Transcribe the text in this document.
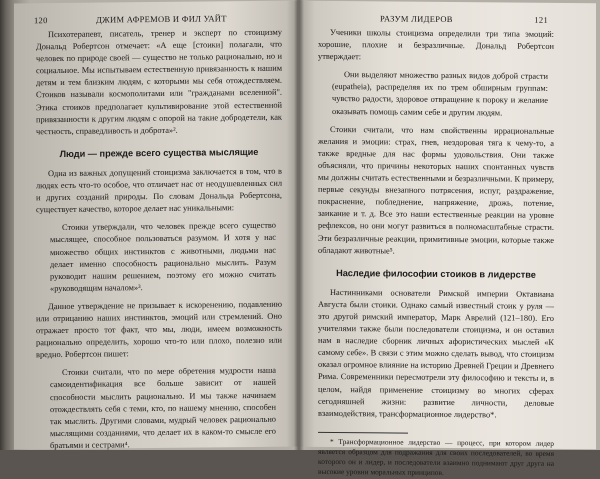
120	ДЖИМ АФРЕМОВ И ФИЛ УАЙТ

Психотерапевт, писатель, тренер и эксперт по стоицизму Дональд Робертсон отмечает: «А еще [стоики] полагали, что человек по природе своей — существо не только рационально, но и социальное. Мы испытываем естественную привязанность к нашим детям и тем близким людям, с которыми мы себя отождествляем. Стоиков называли космополитами или "гражданами вселенной". Этика стоиков предполагает культивирование этой естественной привязанности к другим людям с опорой на такие добродетели, как честность, справедливость и доброта»².

Люди — прежде всего существа мыслящие

Одна из важных допущений стоицизма заключается в том, что в людях есть что-то особое, что отличает нас от неодушевленных сил и других созданий природы. По словам Дональда Робертсона, существует качество, которое делает нас уникальными:

Стоики утверждали, что человек прежде всего существо мыслящее, способное пользоваться разумом. И хотя у нас множество общих инстинктов с животными, людьми нас делает именно способность рационально мыслить. Разум руководит нашим решением, поэтому его можно считать «руководящим началом»³.

Данное утверждение не призывает к искоренению, подавлению или отрицанию наших инстинктов, эмоций или стремлений. Оно отражает просто тот факт, что мы, люди, имеем возможность рационально определить, хорошо что-то или плохо, полезно или вредно. Робертсон пишет:

Стоики считали, что по мере обретения мудрости наша самоидентификация все больше зависит от нашей способности мыслить рационально. И мы также начинаем отождествлять себя с теми, кто, по нашему мнению, способен так мыслить. Другими словами, мудрый человек рационально мыслящими созданиями, что делает их в каком-то смысле его братьями и сестрами⁴.

РАЗУМ ЛИДЕРОВ	121

Ученики школы стоицизма определили три типа эмоций: хорошие, плохие и безразличные. Дональд Робертсон утверждает:

Они выделяют множество разных видов доброй страсти (eupatheia), распределяя их по трем обширным группам: чувство радости, здоровое отвращение к пороку и желание оказывать помощь самим себе и другим людям.

Стоики считали, что нам свойственны иррациональные желания и эмоции: страх, гнев, нездоровая тяга к чему-то, а также вредные для нас формы удовольствия. Они также объясняли, что причины некоторых наших спонтанных чувств мы должны считать естественными и безразличными. К примеру, первые секунды внезапного потрясения, испуг, раздражение, покраснение, побледнение, напряжение, дрожь, потение, заикание и т. д. Все это наши естественные реакции на уровне рефлексов, но они могут развиться в полномасштабные страсти. Эти безразличные реакции, примитивные эмоции, которые также обладают животные⁵.

Наследие философии стоиков в лидерстве

Настинниками основатели Римской империи Октавиана Августа были стоики. Однако самый известный стоик у руля — это другой римский император, Марк Аврелий (121–180). Его учителями также были последователи стоицизма, и он оставил нам в наследие сборник личных афористических мыслей «К самому себе». В связи с этим можно сделать вывод, что стоицизм оказал огромное влияние на историю Древней Греции и Древнего Рима. Современники пересмотрели эту философию и тексты и, в целом, найдя применение стоицизму во многих сферах сегодняшней жизни: развитие личности, деловые взаимодействия, трансформационное лидерство*.

* Трансформационное лидерство — процесс, при котором лидер является образцом для подражания для своих последователей, во время которого он и лидер, и последователи взаимно поднимают друг друга на высокие уровни моральных принципов.
